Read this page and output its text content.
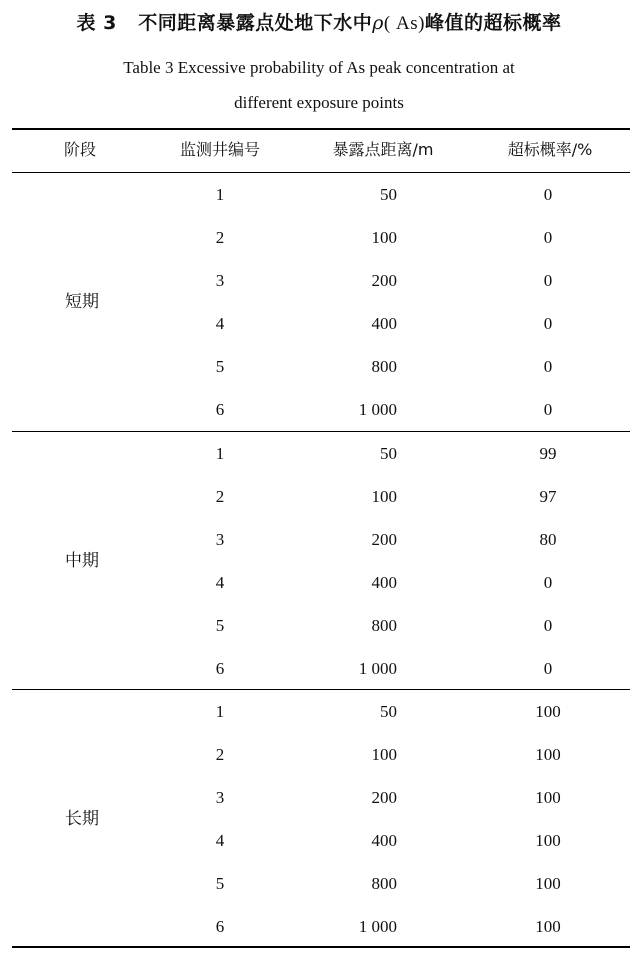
表 3 不同距离暴露点处地下水中ρ( As)峰值的超标概率
Table 3 Excessive probability of As peak concentration at
different exposure points
阶段	监测井编号	暴露点距离/m	超标概率/%
短期
1	50	0
2	100	0
3	200	0
4	400	0
5	800	0
6	1 000	0
中期
1	50	99
2	100	97
3	200	80
4	400	0
5	800	0
6	1 000	0
长期
1	50	100
2	100	100
3	200	100
4	400	100
5	800	100
6	1 000	100
